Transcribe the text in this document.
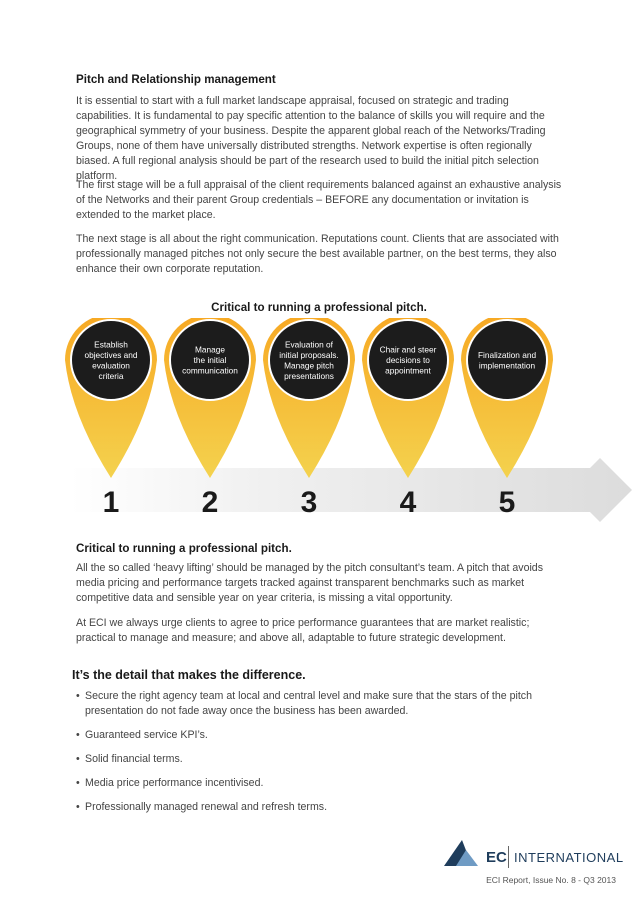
Pitch and Relationship management

It is essential to start with a full market landscape appraisal, focused on strategic and trading capabilities. It is fundamental to pay specific attention to the balance of skills you will require and the geographical symmetry of your business. Despite the apparent global reach of the Networks/Trading Groups, none of them have universally distributed strengths. Network expertise is often regionally biased. A full regional analysis should be part of the research used to build the initial pitch selection platform.

The first stage will be a full appraisal of the client requirements balanced against an exhaustive analysis of the Networks and their parent Group credentials – BEFORE any documentation or invitation is extended to the market place.

The next stage is all about the right communication. Reputations count. Clients that are associated with professionally managed pitches not only secure the best available partner, on the best terms, they also enhance their own corporate reputation.

Critical to running a professional pitch.
Establish objectives and evaluation criteria
Manage the initial communication
Evaluation of initial proposals. Manage pitch presentations
Chair and steer decisions to appointment
Finalization and implementation
1	2	3	4	5
Critical to running a professional pitch.

All the so called ‘heavy lifting’ should be managed by the pitch consultant’s team. A pitch that avoids media pricing and performance targets tracked against transparent benchmarks such as market competitive data and sensible year on year criteria, is missing a vital opportunity.

At ECI we always urge clients to agree to price performance guarantees that are market realistic; practical to manage and measure; and above all, adaptable to future strategic development.

It’s the detail that makes the difference.
• Secure the right agency team at local and central level and make sure that the stars of the pitch presentation do not fade away once the business has been awarded.
• Guaranteed service KPI’s.
• Solid financial terms.
• Media price performance incentivised.
• Professionally managed renewal and refresh terms.
EC INTERNATIONAL
ECI Report, Issue No. 8 - Q3 2013
